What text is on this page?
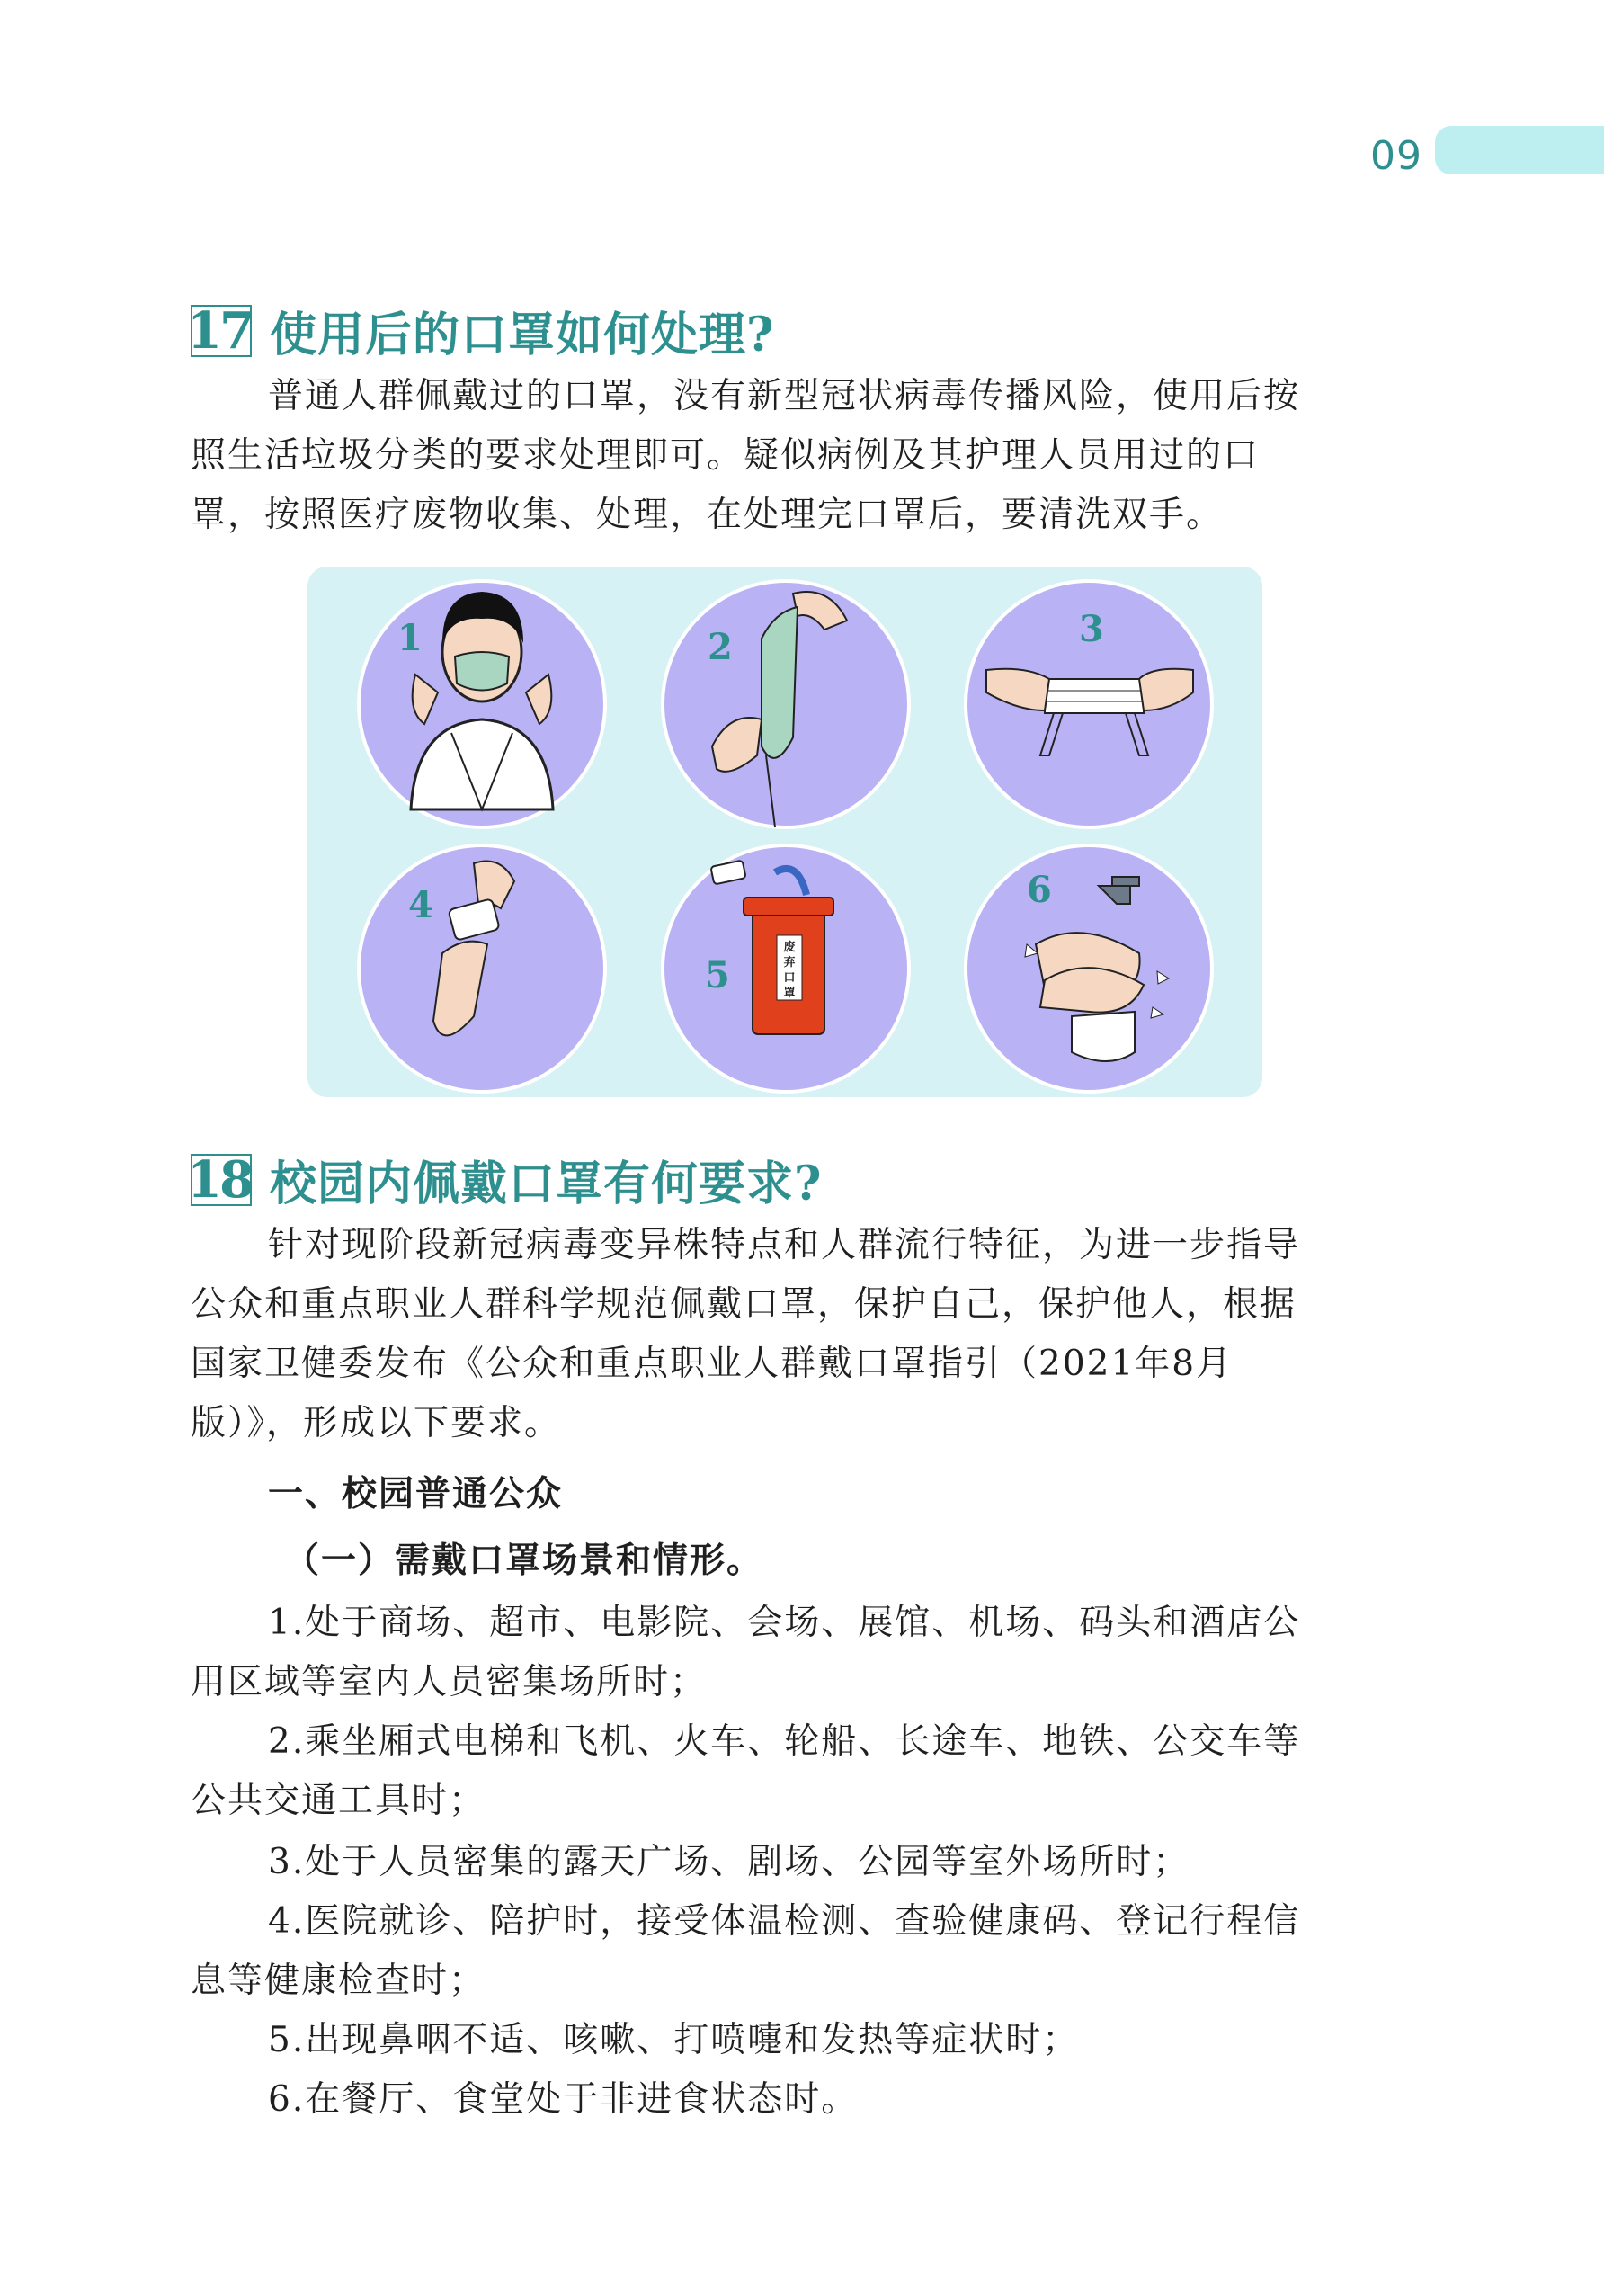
09
17 使用后的口罩如何处理?

普通人群佩戴过的口罩，没有新型冠状病毒传播风险，使用后按

照生活垃圾分类的要求处理即可。疑似病例及其护理人员用过的口

罩，按照医疗废物收集、处理，在处理完口罩后，要清洗双手。

废
弃
口
罩
1	2	3
4
5
6
18 校园内佩戴口罩有何要求?

针对现阶段新冠病毒变异株特点和人群流行特征，为进一步指导

公众和重点职业人群科学规范佩戴口罩，保护自己，保护他人，根据

国家卫健委发布《公众和重点职业人群戴口罩指引（2021年8月

版）》，形成以下要求。

一、校园普通公众

（一）需戴口罩场景和情形。

1.处于商场、超市、电影院、会场、展馆、机场、码头和酒店公

用区域等室内人员密集场所时；

2.乘坐厢式电梯和飞机、火车、轮船、长途车、地铁、公交车等

公共交通工具时；

3.处于人员密集的露天广场、剧场、公园等室外场所时；

4.医院就诊、陪护时，接受体温检测、查验健康码、登记行程信

息等健康检查时；

5.出现鼻咽不适、咳嗽、打喷嚏和发热等症状时；

6.在餐厅、食堂处于非进食状态时。
